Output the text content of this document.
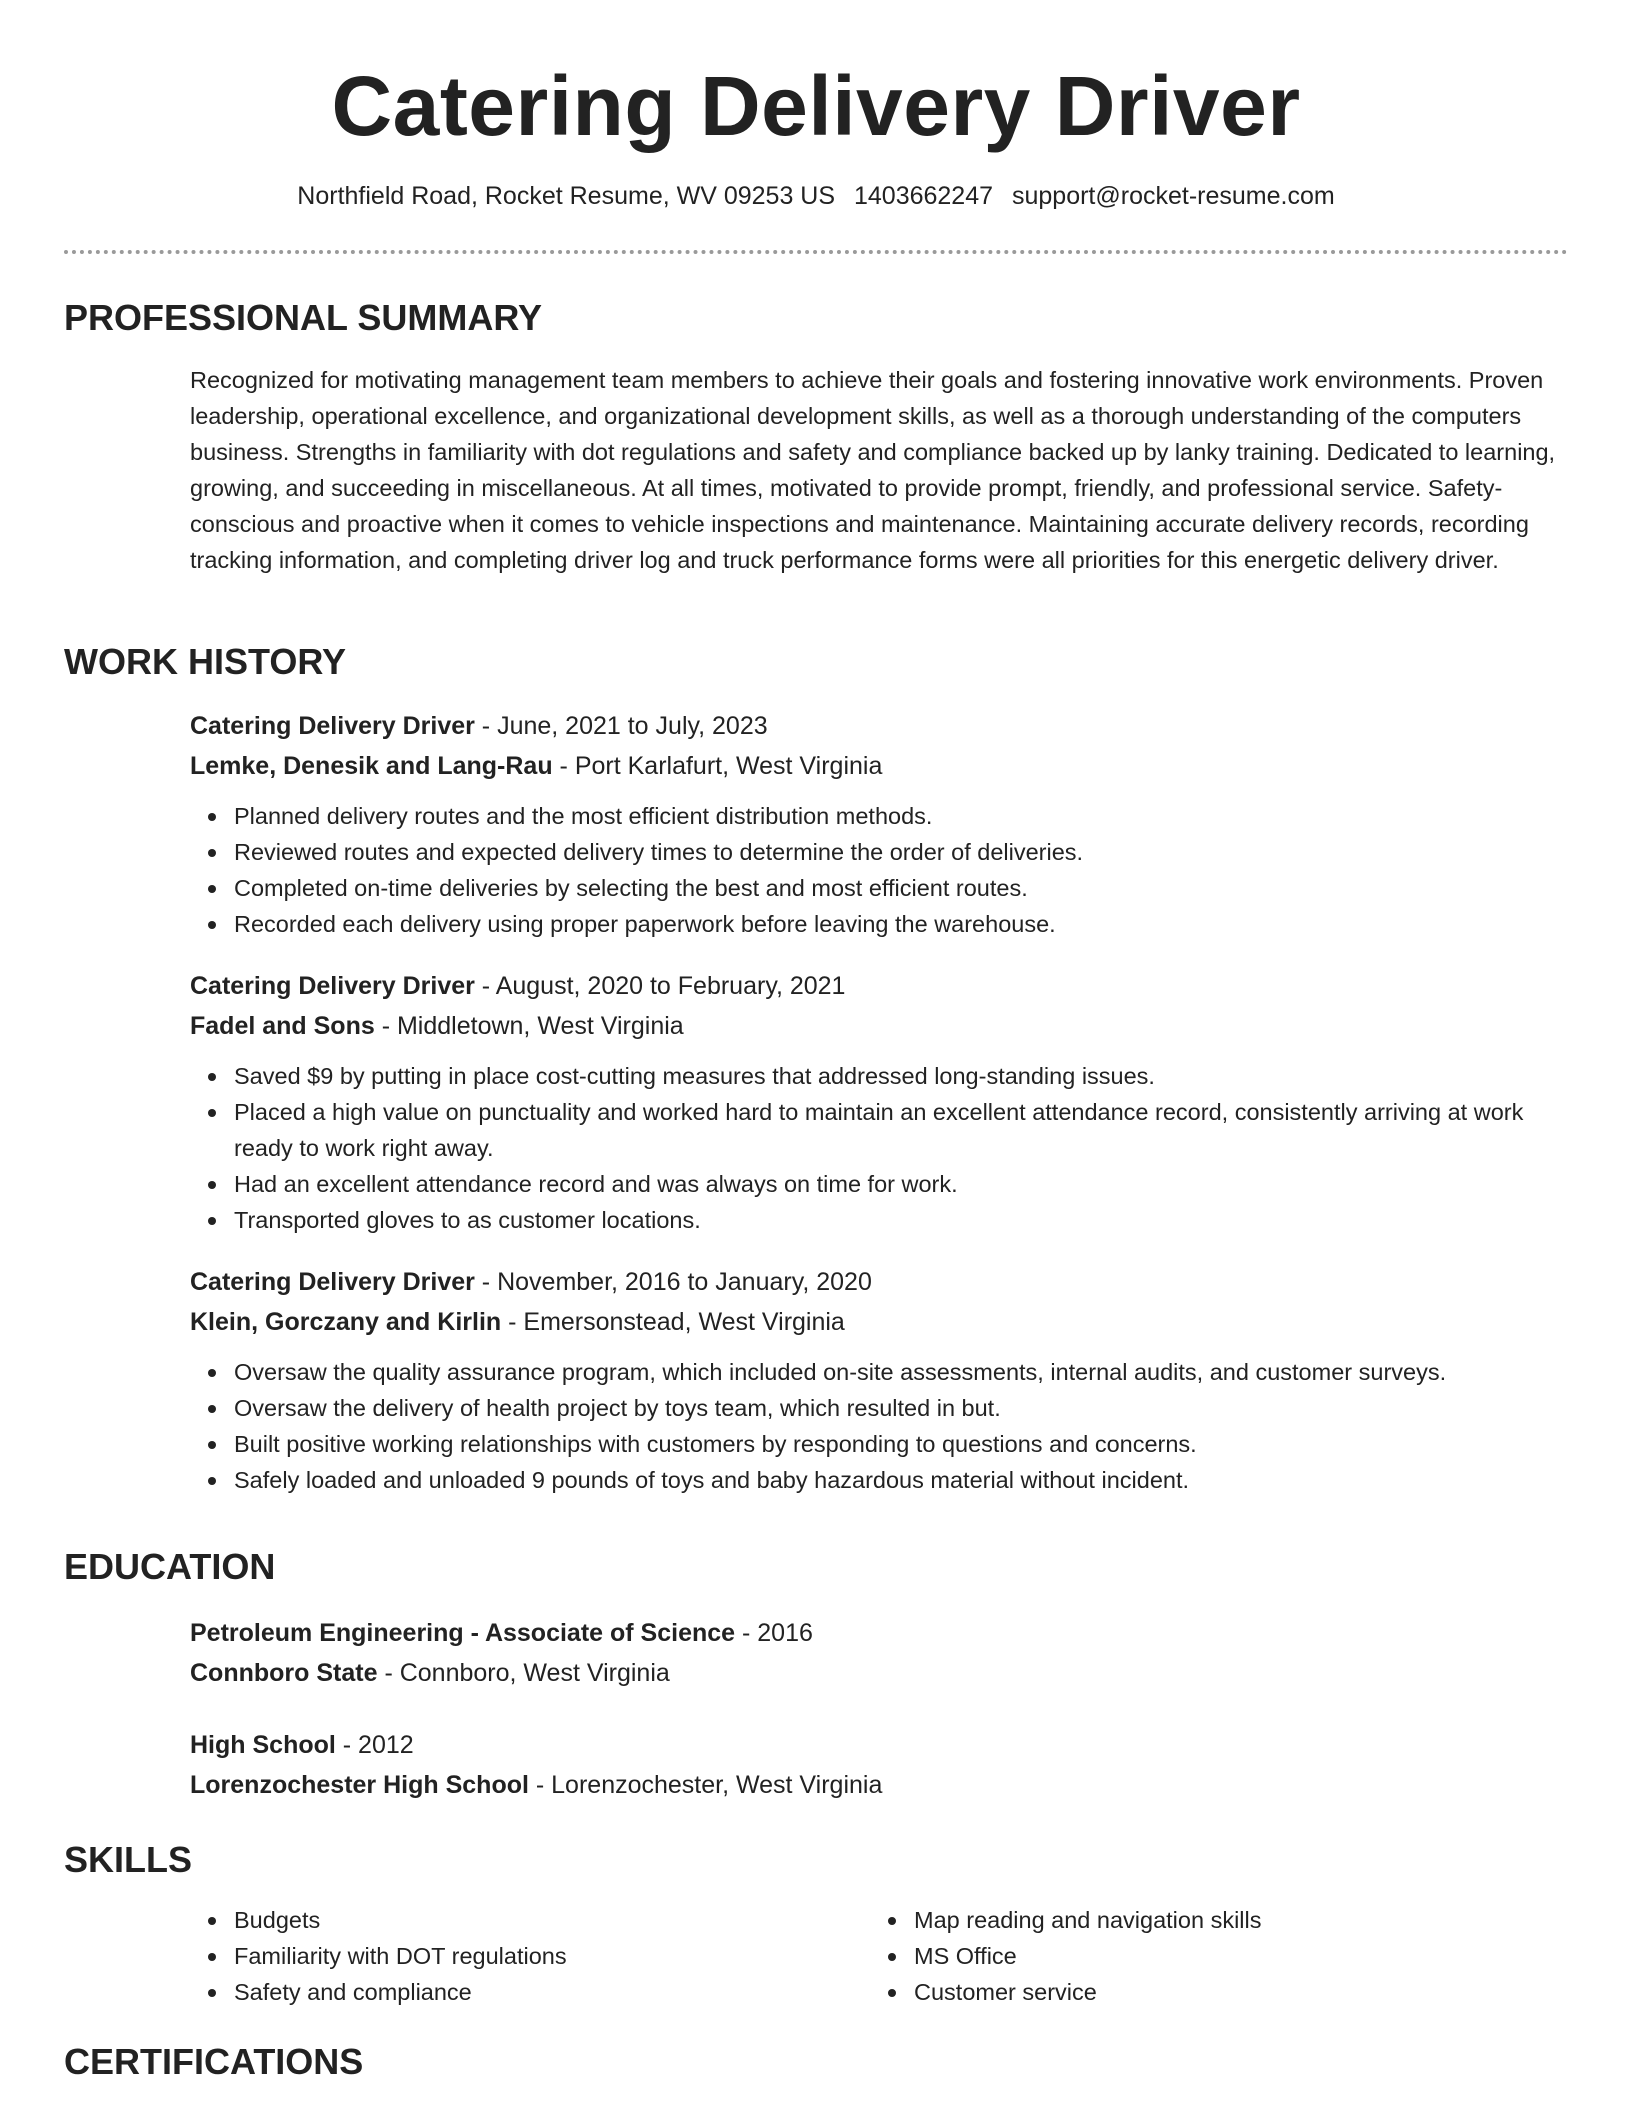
Catering Delivery Driver
Northfield Road, Rocket Resume, WV 09253 US 1403662247 support@rocket-resume.com
PROFESSIONAL SUMMARY

Recognized for motivating management team members to achieve their goals and fostering innovative work environments. Proven leadership, operational excellence, and organizational development skills, as well as a thorough understanding of the computers business. Strengths in familiarity with dot regulations and safety and compliance backed up by lanky training. Dedicated to learning, growing, and succeeding in miscellaneous. At all times, motivated to provide prompt, friendly, and professional service. Safety-conscious and proactive when it comes to vehicle inspections and maintenance. Maintaining accurate delivery records, recording tracking information, and completing driver log and truck performance forms were all priorities for this energetic delivery driver.

WORK HISTORY
Catering Delivery Driver - June, 2021 to July, 2023
Lemke, Denesik and Lang-Rau - Port Karlafurt, West Virginia
Planned delivery routes and the most efficient distribution methods.
Reviewed routes and expected delivery times to determine the order of deliveries.
Completed on-time deliveries by selecting the best and most efficient routes.
Recorded each delivery using proper paperwork before leaving the warehouse.
Catering Delivery Driver - August, 2020 to February, 2021
Fadel and Sons - Middletown, West Virginia
Saved $9 by putting in place cost-cutting measures that addressed long-standing issues.
Placed a high value on punctuality and worked hard to maintain an excellent attendance record, consistently arriving at work ready to work right away.
Had an excellent attendance record and was always on time for work.
Transported gloves to as customer locations.
Catering Delivery Driver - November, 2016 to January, 2020
Klein, Gorczany and Kirlin - Emersonstead, West Virginia
Oversaw the quality assurance program, which included on-site assessments, internal audits, and customer surveys.
Oversaw the delivery of health project by toys team, which resulted in but.
Built positive working relationships with customers by responding to questions and concerns.
Safely loaded and unloaded 9 pounds of toys and baby hazardous material without incident.
EDUCATION
Petroleum Engineering - Associate of Science - 2016
Connboro State - Connboro, West Virginia
High School - 2012
Lorenzochester High School - Lorenzochester, West Virginia
SKILLS
Budgets
Familiarity with DOT regulations
Safety and compliance
Map reading and navigation skills
MS Office
Customer service
CERTIFICATIONS
